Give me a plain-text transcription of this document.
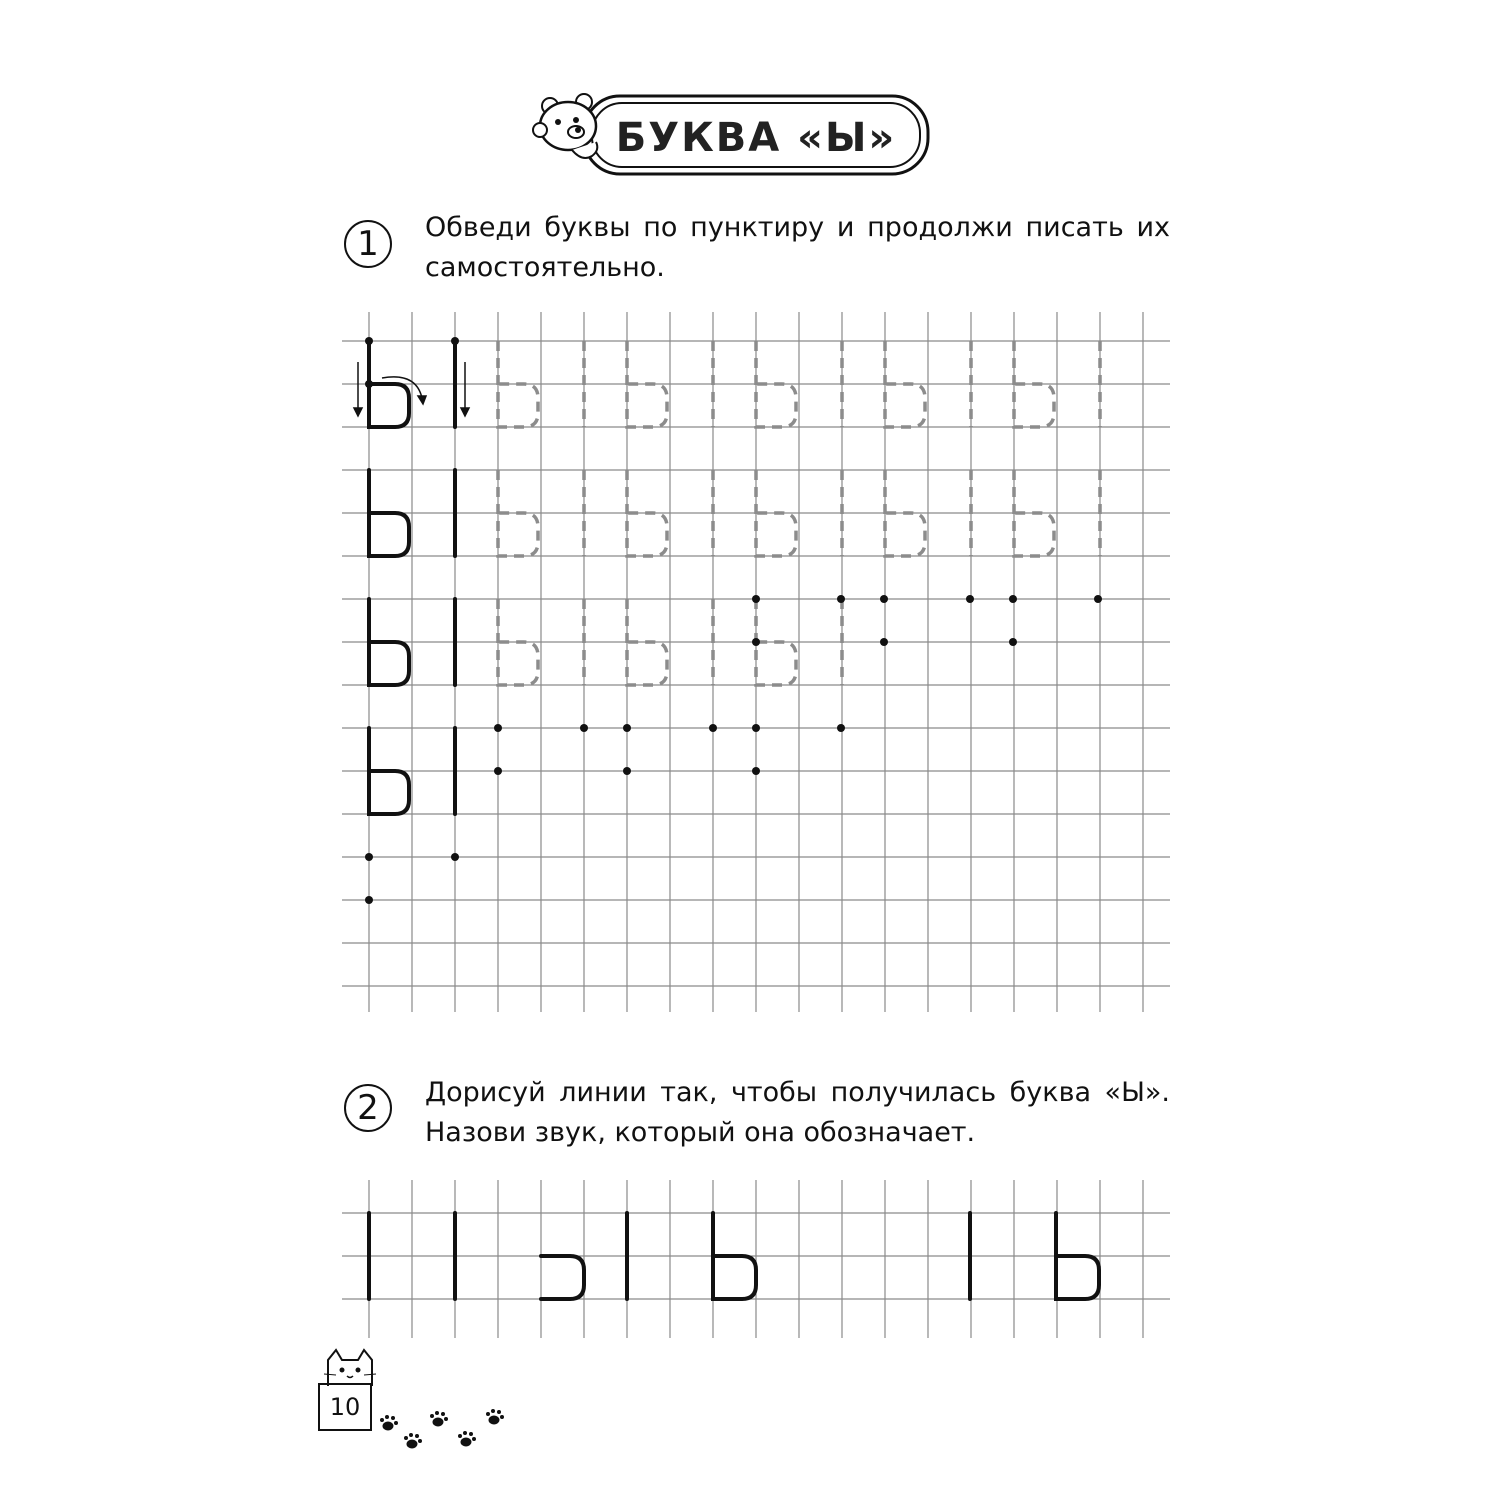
БУКВА «Ы»
1	Обведи буквы по пунктиру и продолжи писать их самостоятельно.
2	Дорисуй линии так, чтобы получилась буква «Ы». Назови звук, который она обозначает.
10
